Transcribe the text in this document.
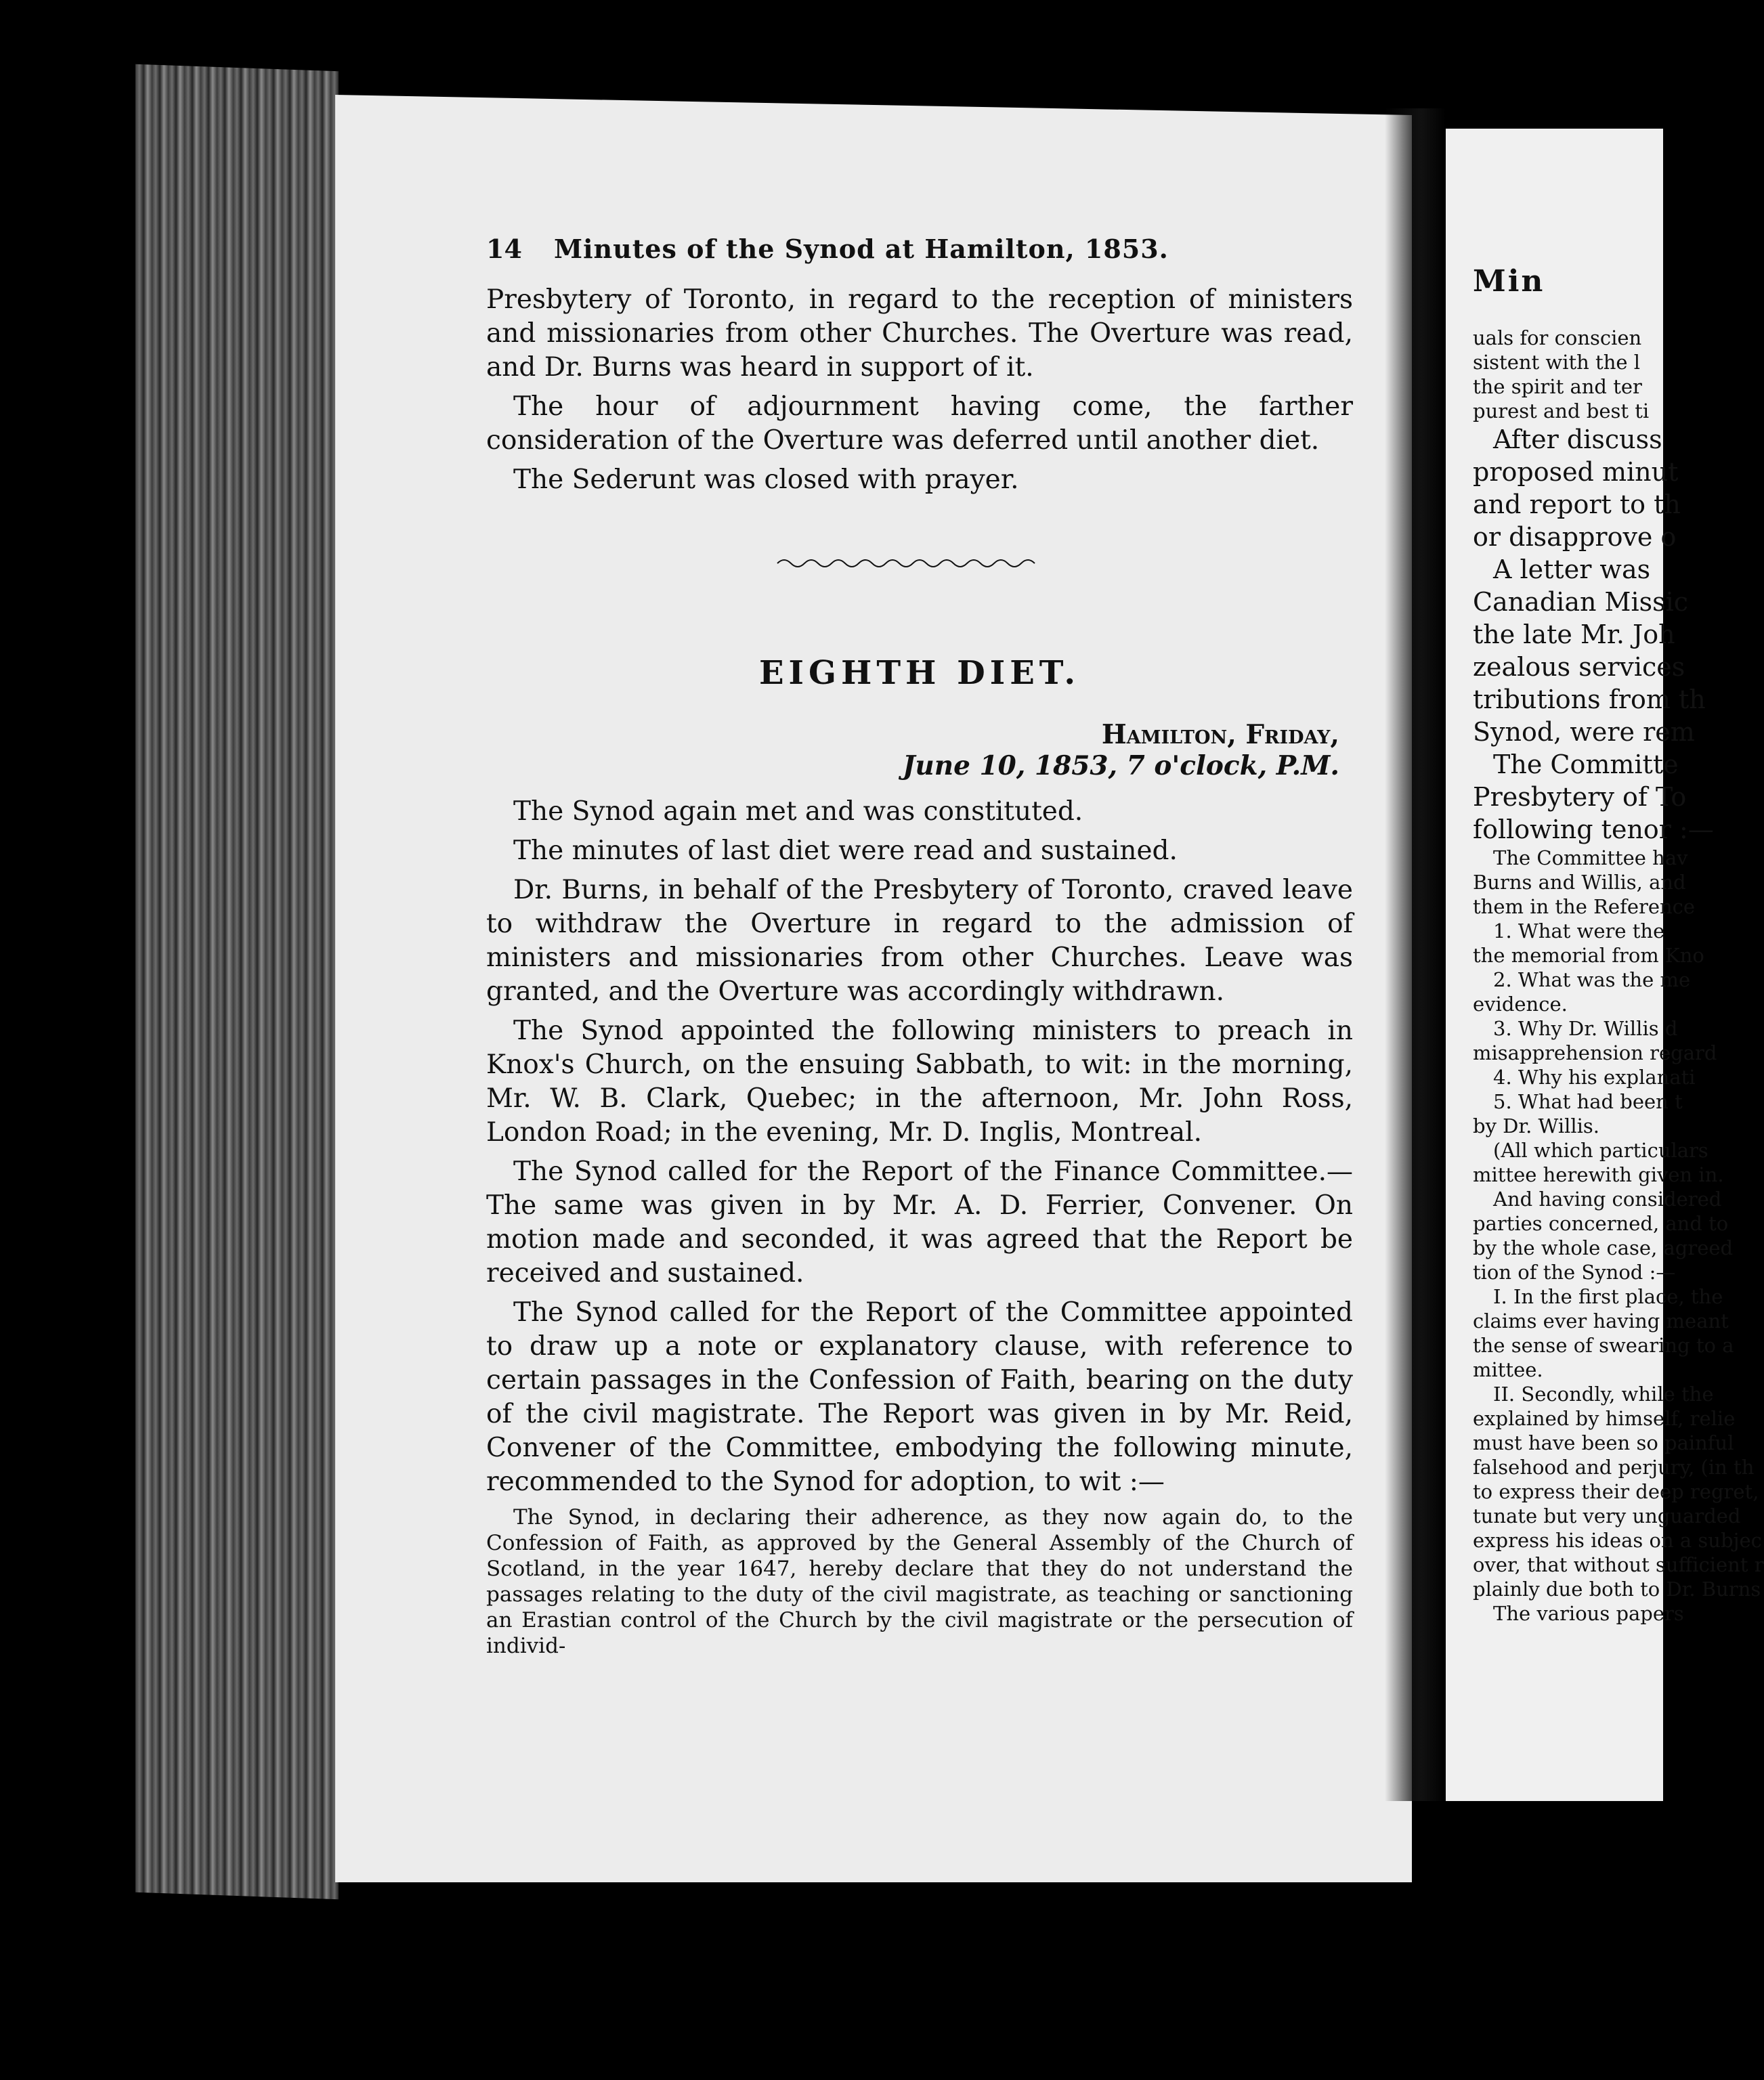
14	Minutes of the Synod at Hamilton, 1853.

Presbytery of Toronto, in regard to the reception of ministers and missionaries from other Churches. The Overture was read, and Dr. Burns was heard in support of it.

The hour of adjournment having come, the farther consideration of the Overture was deferred until another diet.

The Sederunt was closed with prayer.

EIGHTH DIET.
Hamilton, Friday,
June 10, 1853, 7 o'clock, P.M.

The Synod again met and was constituted.

The minutes of last diet were read and sustained.

Dr. Burns, in behalf of the Presbytery of Toronto, craved leave to withdraw the Overture in regard to the admission of ministers and missionaries from other Churches. Leave was granted, and the Overture was accordingly withdrawn.

The Synod appointed the following ministers to preach in Knox's Church, on the ensuing Sabbath, to wit: in the morning, Mr. W. B. Clark, Quebec; in the afternoon, Mr. John Ross, London Road; in the evening, Mr. D. Inglis, Montreal.

The Synod called for the Report of the Finance Committee.— The same was given in by Mr. A. D. Ferrier, Convener. On motion made and seconded, it was agreed that the Report be received and sustained.

The Synod called for the Report of the Committee appointed to draw up a note or explanatory clause, with reference to certain passages in the Confession of Faith, bearing on the duty of the civil magistrate. The Report was given in by Mr. Reid, Convener of the Committee, embodying the following minute, recommended to the Synod for adoption, to wit :—

The Synod, in declaring their adherence, as they now again do, to the Confession of Faith, as approved by the General Assembly of the Church of Scotland, in the year 1647, hereby declare that they do not understand the passages relating to the duty of the civil magistrate, as teaching or sanctioning an Erastian control of the Church by the civil magistrate or the persecution of individ-

Min
uals for conscien
sistent with the l
the spirit and ter
purest and best ti
After discuss
proposed minut
and report to th
or disapprove o
A letter was
Canadian Missic
the late Mr. Joh
zealous services
tributions from th
Synod, were rem
The Committe
Presbytery of To
following tenor :—
The Committee hav
Burns and Willis, and
them in the Reference
1. What were the
the memorial from Kno
2. What was the me
evidence.
3. Why Dr. Willis d
misapprehension regard
4. Why his explanati
5. What had been t
by Dr. Willis.
(All which particulars
mittee herewith given in.
And having considered
parties concerned, and to
by the whole case, agreed
tion of the Synod :—
I. In the first place, the
claims ever having meant
the sense of swearing to a
mittee.
II. Secondly, while the
explained by himself, relie
must have been so painful
falsehood and perjury, (in th
to express their deep regret,
tunate but very unguarded
express his ideas on a subjec
over, that without sufficient r
plainly due both to Dr. Burns
The various papers
